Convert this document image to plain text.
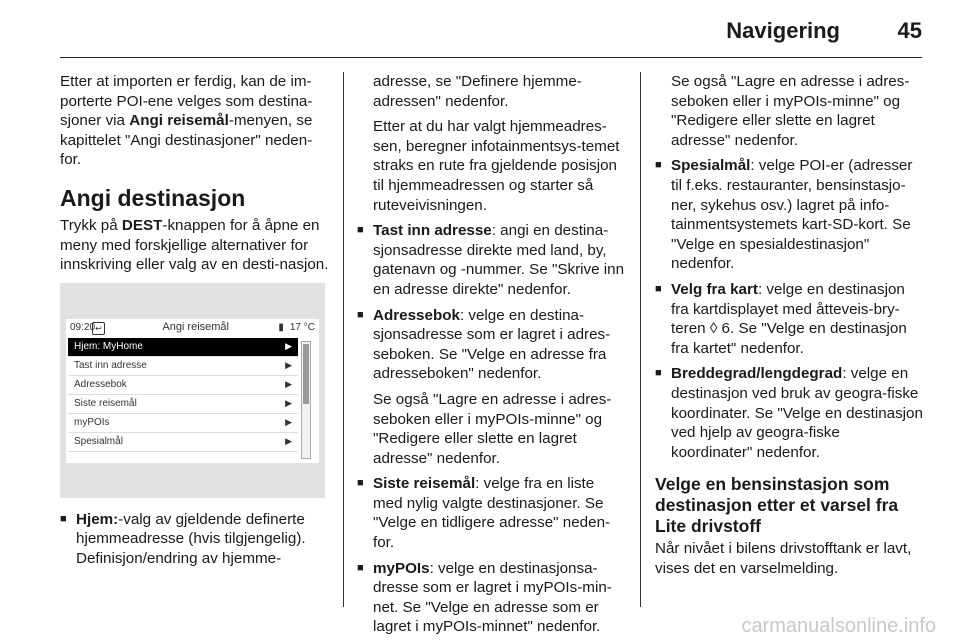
Navigering	45

Etter at importen er ferdig, kan de im-porterte POI-ene velges som destina-sjoner via Angi reisemål-menyen, se kapittelet "Angi destinasjoner" neden-for.

Angi destinasjon

Trykk på DEST-knappen for å åpne en meny med forskjellige alternativer for innskriving eller valg av en desti-nasjon.

09:20 ↩	Angi reisemål	▮ 17 °C
Hjem: MyHome	▶
Tast inn adresse	▶
Adressebok	▶
Siste reisemål	▶
myPOIs	▶
Spesialmål	▶
■ Hjem:-valg av gjeldende definerte hjemmeadresse (hvis tilgjengelig). Definisjon/endring av hjemme-

adresse, se "Definere hjemme-adressen" nedenfor.

Etter at du har valgt hjemmeadres-sen, beregner infotainmentsys-temet straks en rute fra gjeldende posisjon til hjemmeadressen og starter så ruteveivisningen.

■ Tast inn adresse: angi en destina-sjonsadresse direkte med land, by, gatenavn og -nummer. Se "Skrive inn en adresse direkte" nedenfor.
■ Adressebok: velge en destina-sjonsadresse som er lagret i adres-seboken. Se "Velge en adresse fra adresseboken" nedenfor.

Se også "Lagre en adresse i adres-seboken eller i myPOIs-minne" og "Redigere eller slette en lagret adresse" nedenfor.

■ Siste reisemål: velge fra en liste med nylig valgte destinasjoner. Se "Velge en tidligere adresse" neden-for.
■ myPOIs: velge en destinasjonsa-dresse som er lagret i myPOIs-min-net. Se "Velge en adresse som er lagret i myPOIs-minnet" nedenfor.

Se også "Lagre en adresse i adres-seboken eller i myPOIs-minne" og "Redigere eller slette en lagret adresse" nedenfor.

■ Spesialmål: velge POI-er (adresser til f.eks. restauranter, bensinstasjo-ner, sykehus osv.) lagret på info-tainmentsystemets kart-SD-kort. Se "Velge en spesialdestinasjon" nedenfor.
■ Velg fra kart: velge en destinasjon fra kartdisplayet med åtteveis-bry-teren ◊ 6. Se "Velge en destinasjon fra kartet" nedenfor.
■ Breddegrad/lengdegrad: velge en destinasjon ved bruk av geogra-fiske koordinater. Se "Velge en destinasjon ved hjelp av geogra-fiske koordinater" nedenfor.
Velge en bensinstasjon som destinasjon etter et varsel fra Lite drivstoff

Når nivået i bilens drivstofftank er lavt, vises det en varselmelding.

carmanualsonline.info
